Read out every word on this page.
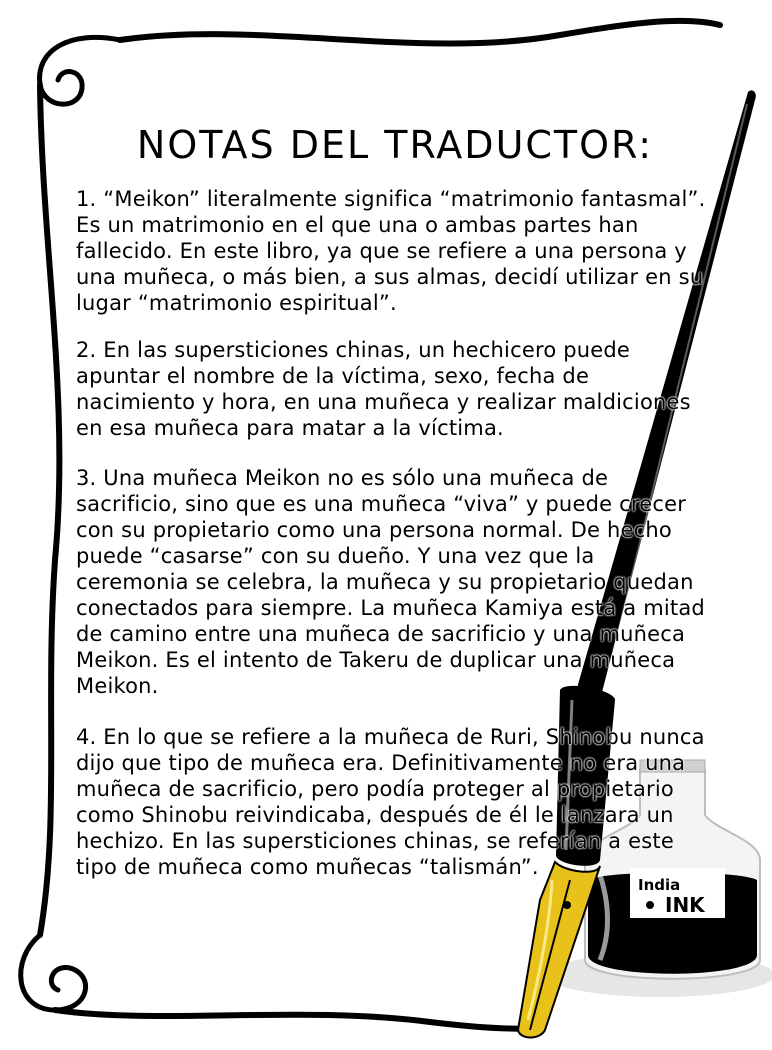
India
INK
NOTAS DEL TRADUCTOR:

1. “Meikon” literalmente significa “matrimonio fantasmal”. Es un matrimonio en el que una o ambas partes han fallecido. En este libro, ya que se refiere a una persona y una muñeca, o más bien, a sus almas, decidí utilizar en su lugar “matrimonio espiritual”.

2. En las supersticiones chinas, un hechicero puede apuntar el nombre de la víctima, sexo, fecha de nacimiento y hora, en una muñeca y realizar maldiciones en esa muñeca para matar a la víctima.

3. Una muñeca Meikon no es sólo una muñeca de sacrificio, sino que es una muñeca “viva” y puede crecer con su propietario como una persona normal. De hecho puede “casarse” con su dueño. Y una vez que la ceremonia se celebra, la muñeca y su propietario quedan conectados para siempre. La muñeca Kamiya está a mitad de camino entre una muñeca de sacrificio y una muñeca Meikon. Es el intento de Takeru de duplicar una muñeca Meikon.

4. En lo que se refiere a la muñeca de Ruri, Shinobu nunca dijo que tipo de muñeca era. Definitivamente no era una muñeca de sacrificio, pero podía proteger al propietario como Shinobu reivindicaba, después de él le lanzara un hechizo. En las supersticiones chinas, se referían a este tipo de muñeca como muñecas “talismán”.
